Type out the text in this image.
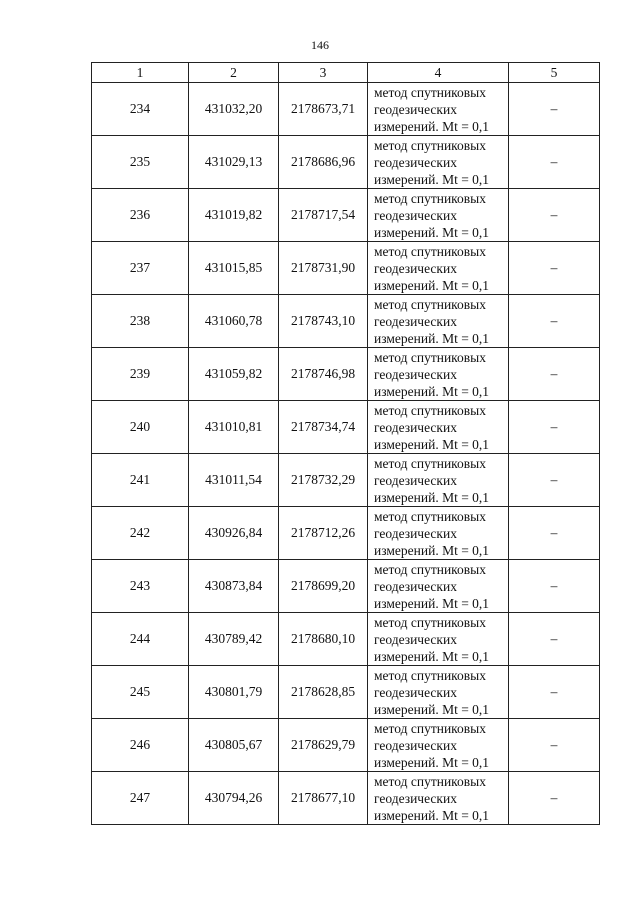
146
1	2	3	4	5
234	431032,20	2178673,71	метод спутниковых
геодезических
измерений. Mt = 0,1	–
235	431029,13	2178686,96	метод спутниковых
геодезических
измерений. Mt = 0,1	–
236	431019,82	2178717,54	метод спутниковых
геодезических
измерений. Mt = 0,1	–
237	431015,85	2178731,90	метод спутниковых
геодезических
измерений. Mt = 0,1	–
238	431060,78	2178743,10	метод спутниковых
геодезических
измерений. Mt = 0,1	–
239	431059,82	2178746,98	метод спутниковых
геодезических
измерений. Mt = 0,1	–
240	431010,81	2178734,74	метод спутниковых
геодезических
измерений. Mt = 0,1	–
241	431011,54	2178732,29	метод спутниковых
геодезических
измерений. Mt = 0,1	–
242	430926,84	2178712,26	метод спутниковых
геодезических
измерений. Mt = 0,1	–
243	430873,84	2178699,20	метод спутниковых
геодезических
измерений. Mt = 0,1	–
244	430789,42	2178680,10	метод спутниковых
геодезических
измерений. Mt = 0,1	–
245	430801,79	2178628,85	метод спутниковых
геодезических
измерений. Mt = 0,1	–
246	430805,67	2178629,79	метод спутниковых
геодезических
измерений. Mt = 0,1	–
247	430794,26	2178677,10	метод спутниковых
геодезических
измерений. Mt = 0,1	–
